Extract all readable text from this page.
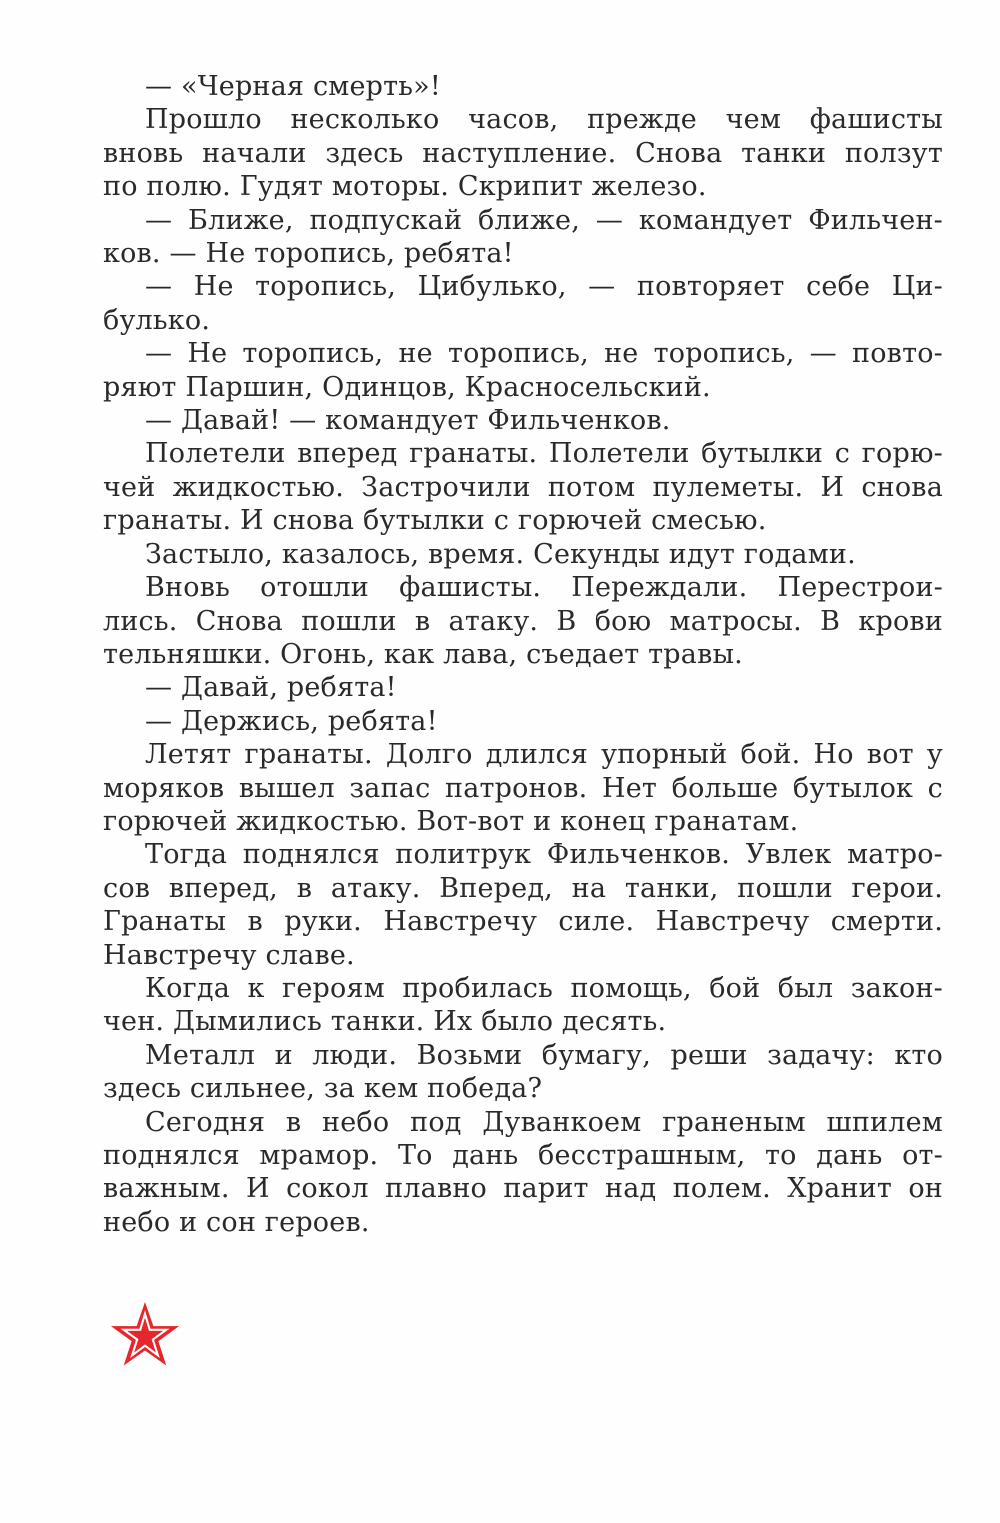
— «Черная смерть»!
Прошло несколько часов, прежде чем фашисты
вновь начали здесь наступление. Снова танки ползут
по полю. Гудят моторы. Скрипит железо.
— Ближе, подпускай ближе, — командует Фильчен-
ков. — Не торопись, ребята!
— Не торопись, Цибулько, — повторяет себе Ци-
булько.
— Не торопись, не торопись, не торопись, — повто-
ряют Паршин, Одинцов, Красносельский.
— Давай! — командует Фильченков.
Полетели вперед гранаты. Полетели бутылки с горю-
чей жидкостью. Застрочили потом пулеметы. И снова
гранаты. И снова бутылки с горючей смесью.
Застыло, казалось, время. Секунды идут годами.
Вновь отошли фашисты. Переждали. Перестрои-
лись. Снова пошли в атаку. В бою матросы. В крови
тельняшки. Огонь, как лава, съедает травы.
— Давай, ребята!
— Держись, ребята!
Летят гранаты. Долго длился упорный бой. Но вот у
моряков вышел запас патронов. Нет больше бутылок с
горючей жидкостью. Вот-вот и конец гранатам.
Тогда поднялся политрук Фильченков. Увлек матро-
сов вперед, в атаку. Вперед, на танки, пошли герои.
Гранаты в руки. Навстречу силе. Навстречу смерти.
Навстречу славе.
Когда к героям пробилась помощь, бой был закон-
чен. Дымились танки. Их было десять.
Металл и люди. Возьми бумагу, реши задачу: кто
здесь сильнее, за кем победа?
Сегодня в небо под Дуванкоем граненым шпилем
поднялся мрамор. То дань бесстрашным, то дань от-
важным. И сокол плавно парит над полем. Хранит он
небо и сон героев.
